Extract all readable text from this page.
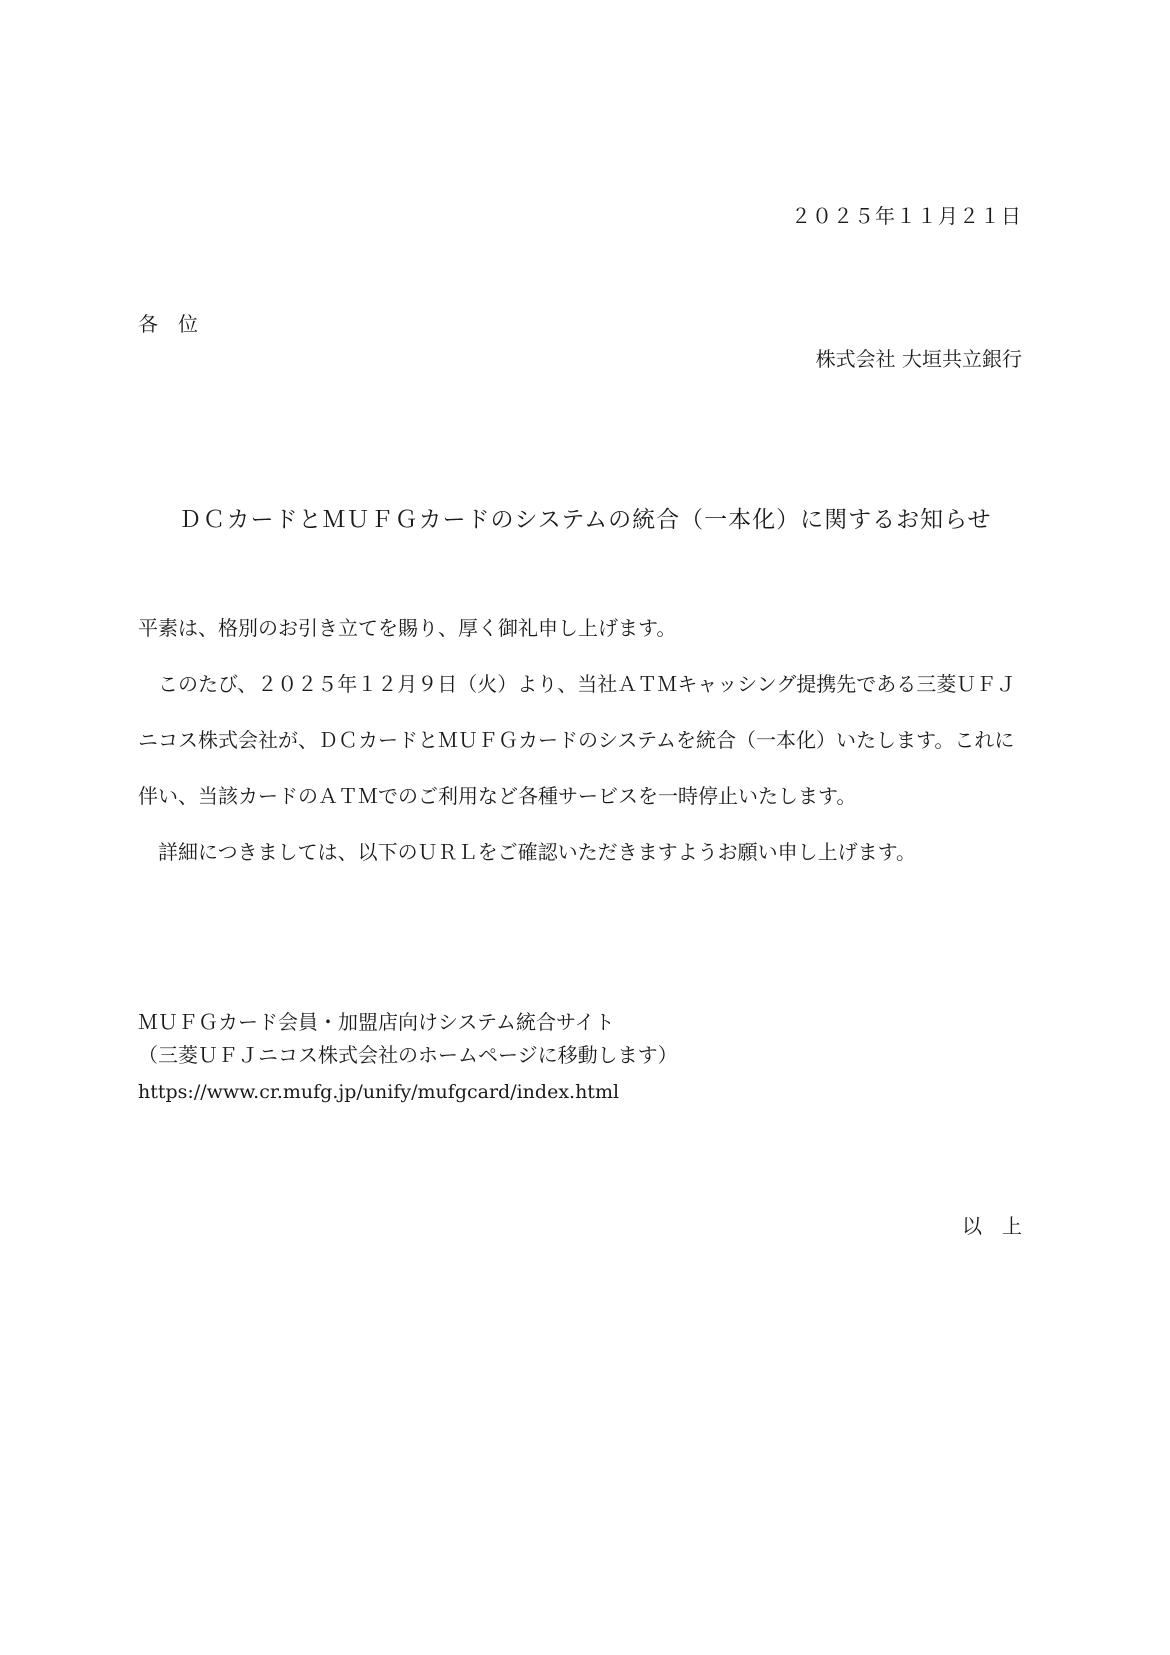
２０２５年１１月２１日
各　位
株式会社 大垣共立銀行
ＤＣカードとＭＵＦＧカードのシステムの統合（一本化）に関するお知らせ

平素は、格別のお引き立てを賜り、厚く御礼申し上げます。

このたび、２０２５年１２月９日（火）より、当社ＡＴＭキャッシング提携先である三菱ＵＦＪニコス株式会社が、ＤＣカードとＭＵＦＧカードのシステムを統合（一本化）いたします。これに伴い、当該カードのＡＴＭでのご利用など各種サービスを一時停止いたします。

詳細につきましては、以下のＵＲＬをご確認いただきますようお願い申し上げます。

ＭＵＦＧカード会員・加盟店向けシステム統合サイト

（三菱ＵＦＪニコス株式会社のホームページに移動します）

https://www.cr.mufg.jp/unify/mufgcard/index.html

以　上
